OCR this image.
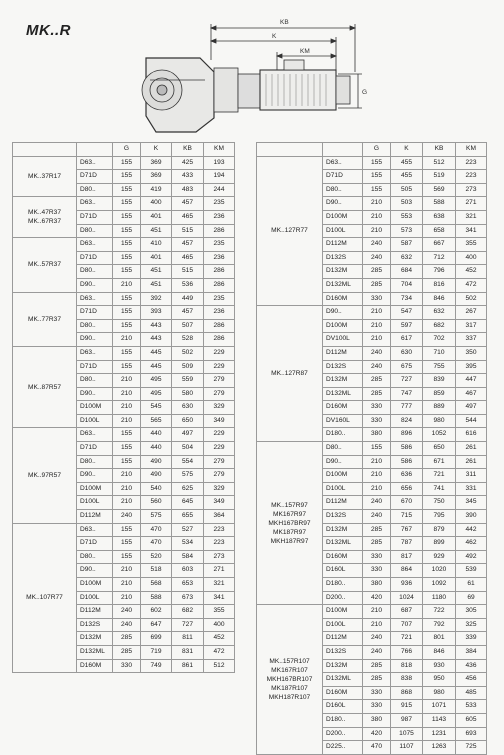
MK..R	KB
K
KM
G
		G	K	KB	KM

MK..37R17	D63..	155	369	425	193
	D71D	155	369	433	194
	D80..	155	419	483	244

MK..47R37
MK..67R37	D63..	155	400	457	235
	D71D	155	401	465	236
	D80..	155	451	515	286

MK..57R37	D63..	155	410	457	235
	D71D	155	401	465	236
	D80..	155	451	515	286
	D90..	210	451	536	286

MK..77R37	D63..	155	392	449	235
	D71D	155	393	457	236
	D80..	155	443	507	286
	D90..	210	443	528	286

MK..87R57	D63..	155	445	502	229
	D71D	155	445	509	229
	D80..	210	495	559	279
	D90..	210	495	580	279
	D100M	210	545	630	329
	D100L	210	565	650	349

MK..97R57	D63..	155	440	497	229
	D71D	155	440	504	229
	D80..	155	490	554	279
	D90..	210	490	575	279
	D100M	210	540	625	329
	D100L	210	560	645	349
	D112M	240	575	655	364

MK..107R77	D63..	155	470	527	223
	D71D	155	470	534	223
	D80..	155	520	584	273
	D90..	210	518	603	271
	D100M	210	568	653	321
	D100L	210	588	673	341
	D112M	240	602	682	355
	D132S	240	647	727	400
	D132M	285	699	811	452
	D132ML	285	719	831	472
	D160M	330	749	861	512
		G	K	KB	KM

MK..127R77	D63..	155	455	512	223
	D71D	155	455	519	223
	D80..	155	505	569	273
	D90..	210	503	588	271
	D100M	210	553	638	321
	D100L	210	573	658	341
	D112M	240	587	667	355
	D132S	240	632	712	400
	D132M	285	684	796	452
	D132ML	285	704	816	472
	D160M	330	734	846	502

MK..127R87	D90..	210	547	632	267
	D100M	210	597	682	317
	DV100L	210	617	702	337
	D112M	240	630	710	350
	D132S	240	675	755	395
	D132M	285	727	839	447
	D132ML	285	747	859	467
	D160M	330	777	889	497
	DV160L	330	824	980	544
	D180..	380	896	1052	616

MK..157R97
MK167R97
MKH167BR97
MK187R97
MKH187R97	D80..	155	586	650	261
	D90..	210	586	671	261
	D100M	210	636	721	311
	D100L	210	656	741	331
	D112M	240	670	750	345
	D132S	240	715	795	390
	D132M	285	767	879	442
	D132ML	285	787	899	462
	D160M	330	817	929	492
	D160L	330	864	1020	539
	D180..	380	936	1092	61
	D200..	420	1024	1180	69

MK..157R107
MK167R107
MKH167BR107
MK187R107
MKH187R107	D100M	210	687	722	305
	D100L	210	707	792	325
	D112M	240	721	801	339
	D132S	240	766	846	384
	D132M	285	818	930	436
	D132ML	285	838	950	456
	D160M	330	868	980	485
	D160L	330	915	1071	533
	D180..	380	987	1143	605
	D200..	420	1075	1231	693
	D225..	470	1107	1263	725
